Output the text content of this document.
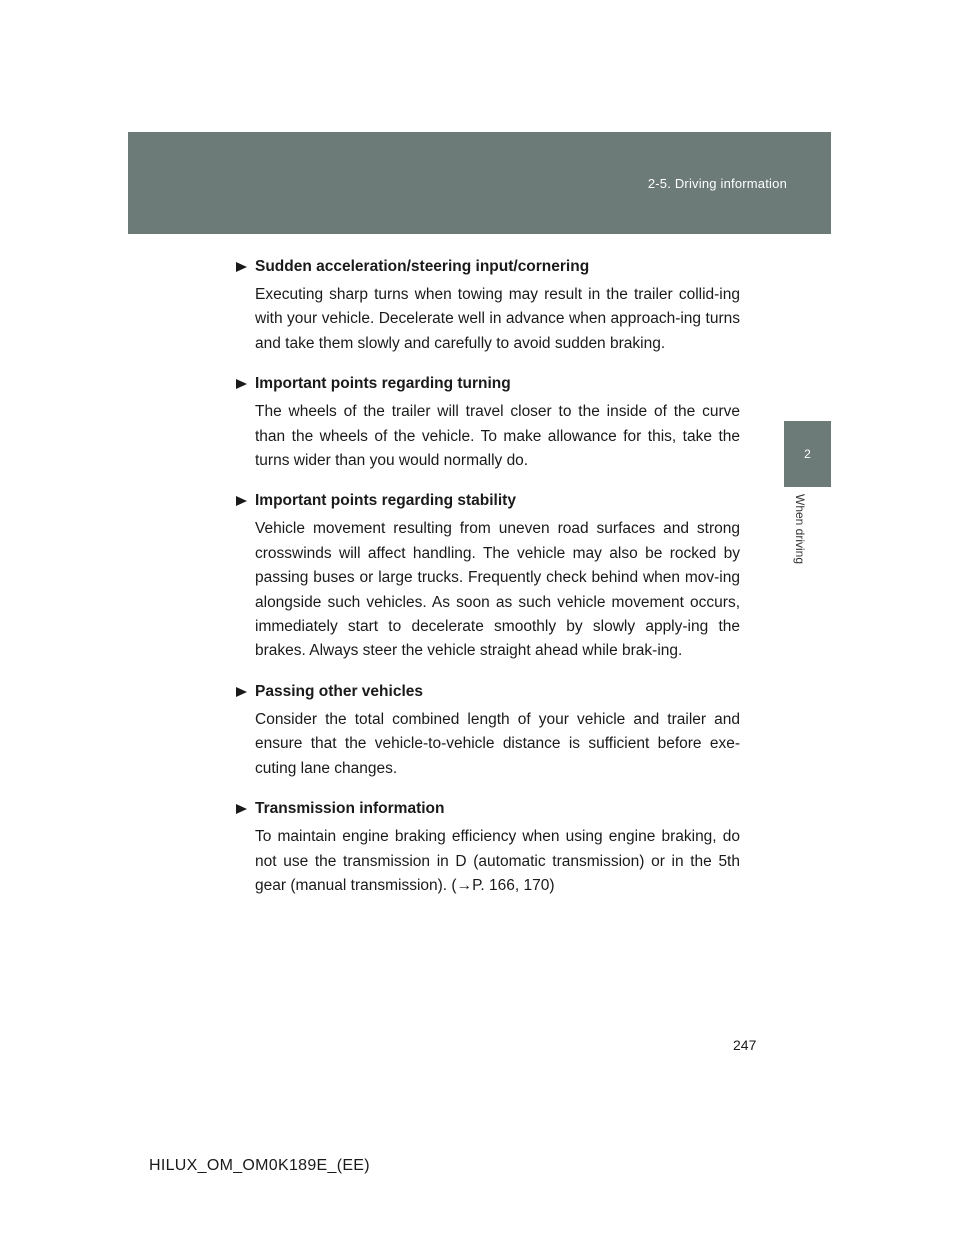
2-5. Driving information
2
When driving
Sudden acceleration/steering input/cornering
Executing sharp turns when towing may result in the trailer collid-ing with your vehicle. Decelerate well in advance when approach-ing turns and take them slowly and carefully to avoid sudden braking.
Important points regarding turning
The wheels of the trailer will travel closer to the inside of the curve than the wheels of the vehicle. To make allowance for this, take the turns wider than you would normally do.
Important points regarding stability
Vehicle movement resulting from uneven road surfaces and strong crosswinds will affect handling. The vehicle may also be rocked by passing buses or large trucks. Frequently check behind when mov-ing alongside such vehicles. As soon as such vehicle movement occurs, immediately start to decelerate smoothly by slowly apply-ing the brakes. Always steer the vehicle straight ahead while brak-ing.
Passing other vehicles
Consider the total combined length of your vehicle and trailer and ensure that the vehicle-to-vehicle distance is sufficient before exe-cuting lane changes.
Transmission information
To maintain engine braking efficiency when using engine braking, do not use the transmission in D (automatic transmission) or in the 5th gear (manual transmission). (→P. 166, 170)
247
HILUX_OM_OM0K189E_(EE)
